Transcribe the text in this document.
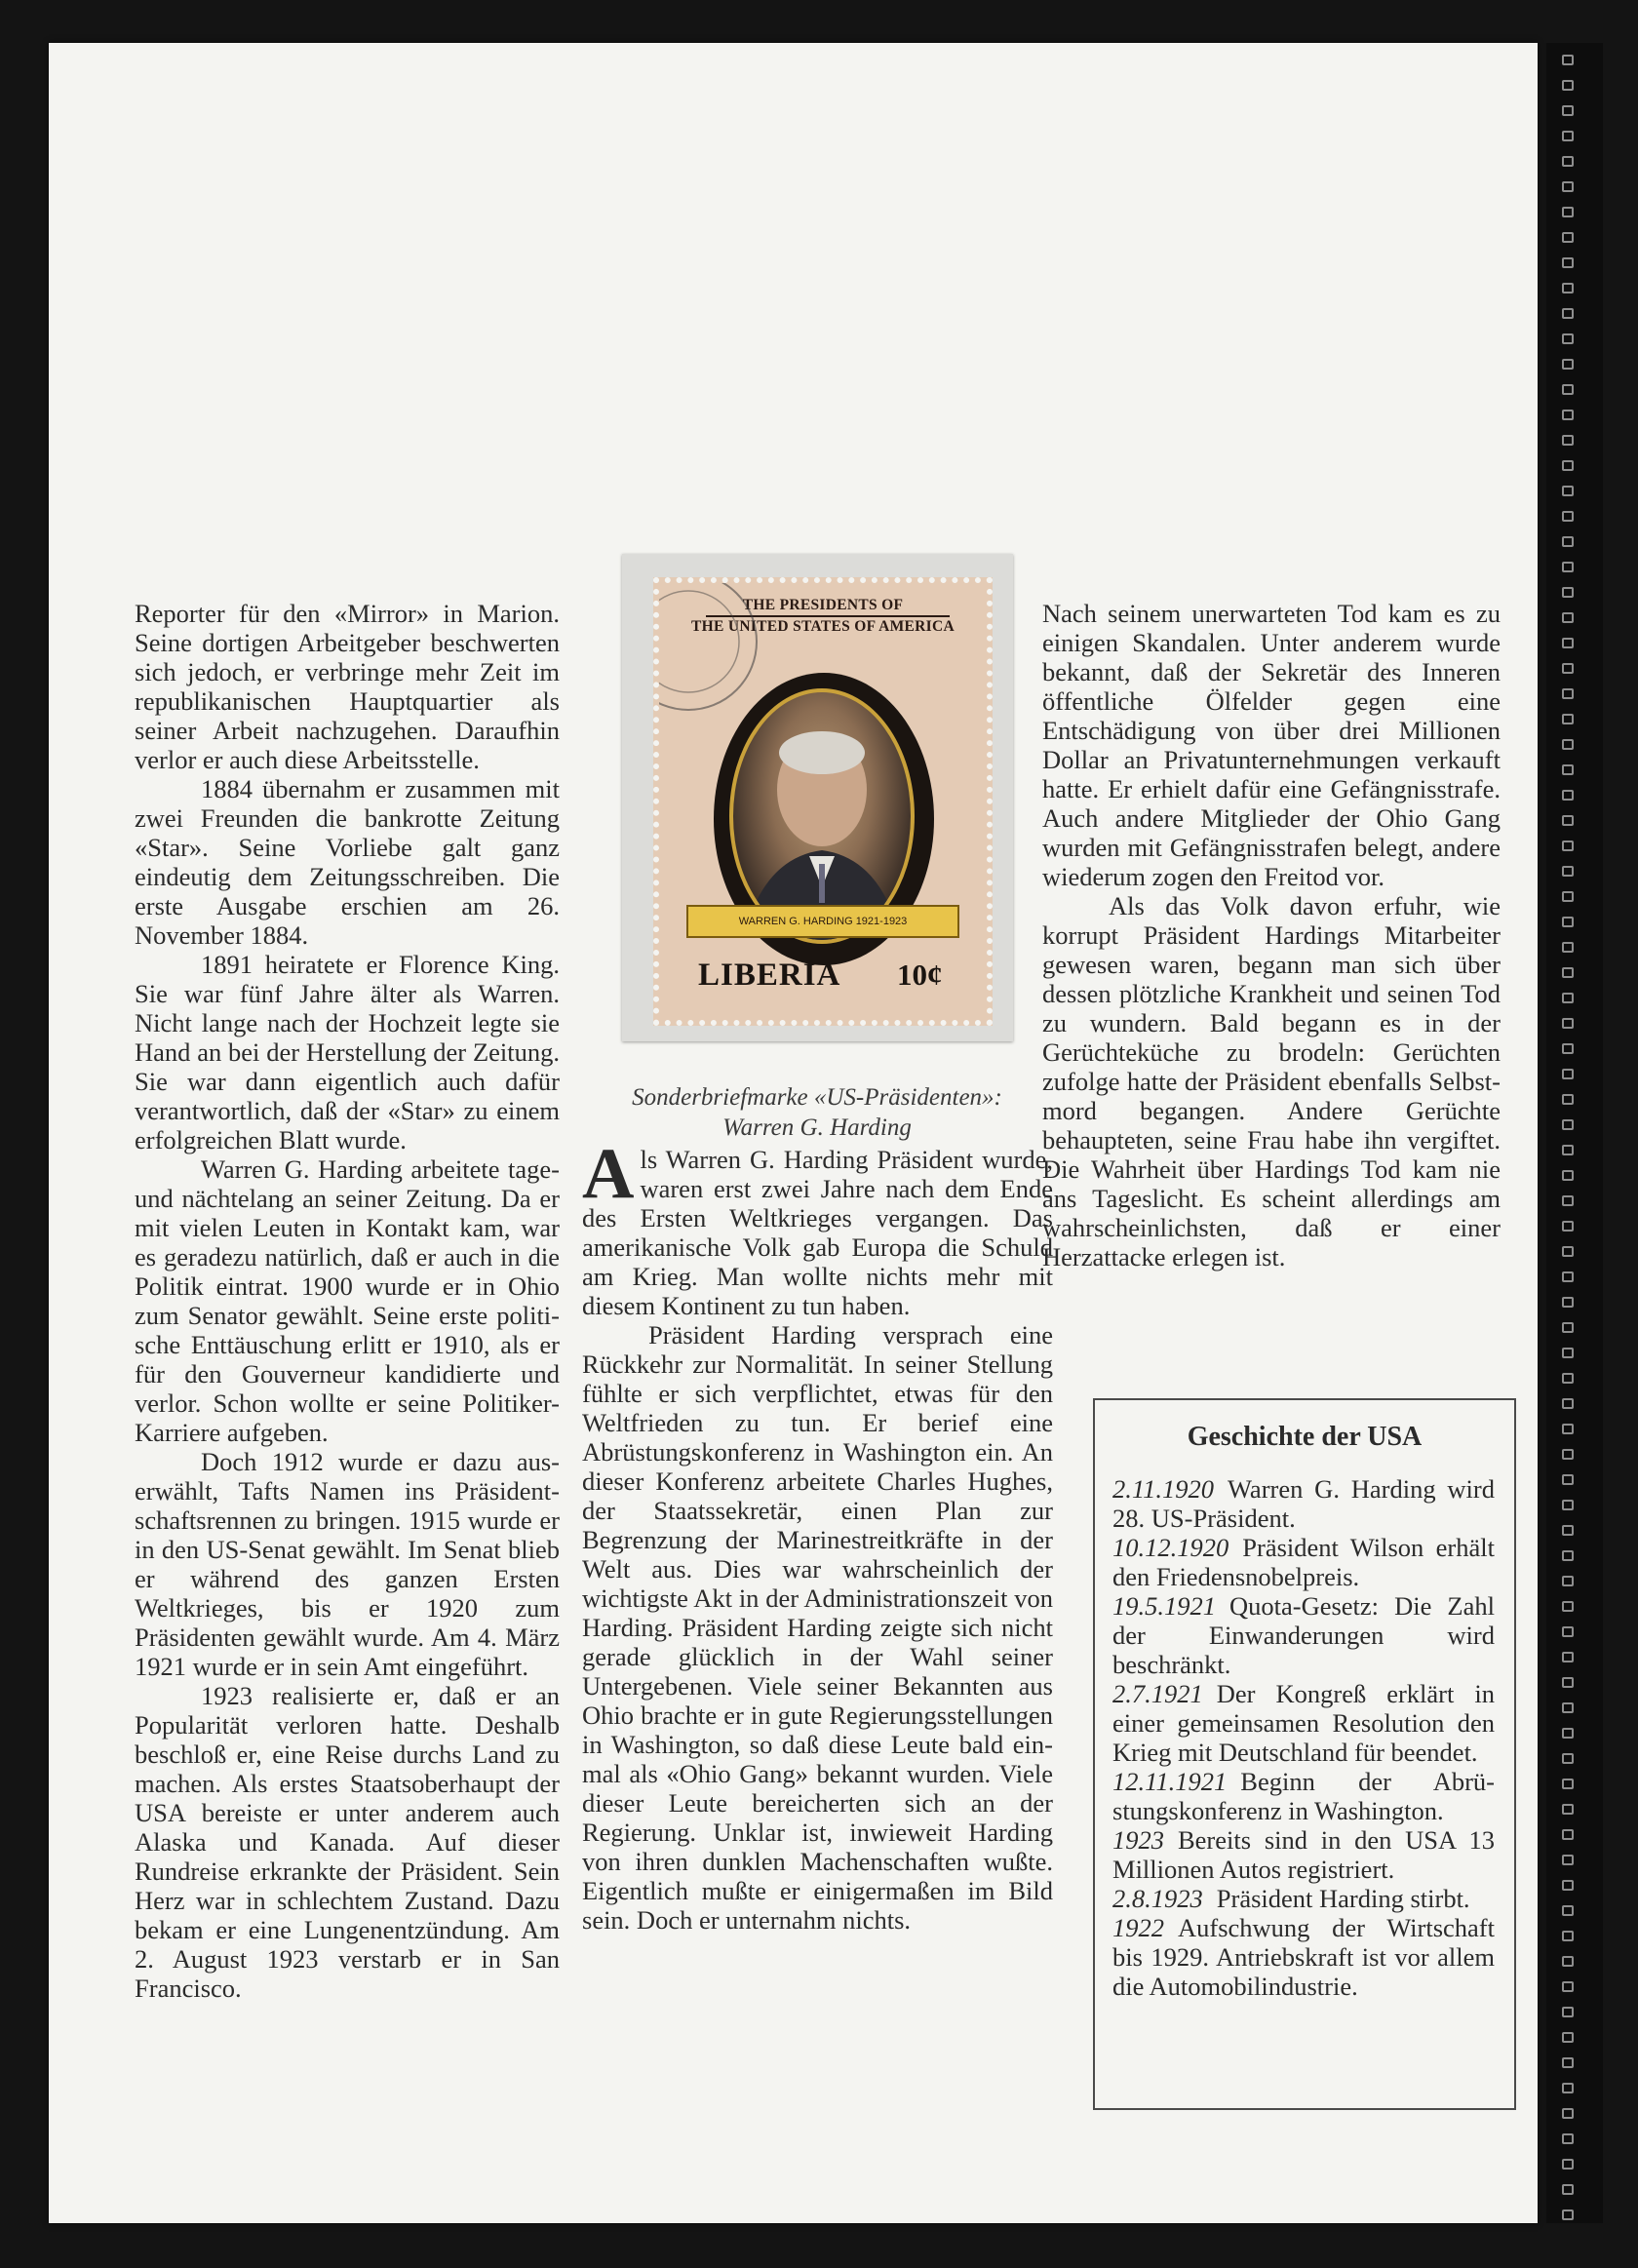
Reporter für den «Mirror» in Marion. Seine dortigen Arbeitgeber beschwerten sich jedoch, er verbringe mehr Zeit im republikanischen Hauptquartier als seiner Arbeit nachzugehen. Daraufhin verlor er auch diese Arbeitsstelle.

1884 übernahm er zusammen mit zwei Freunden die bankrotte Zeitung «Star». Seine Vorliebe galt ganz eindeutig dem Zeitungsschreiben. Die erste Ausgabe erschien am 26. November 1884.

1891 heiratete er Florence King. Sie war fünf Jahre älter als Warren. Nicht lange nach der Hochzeit legte sie Hand an bei der Herstellung der Zeitung. Sie war dann eigentlich auch dafür verantwortlich, daß der «Star» zu einem erfolgreichen Blatt wurde.

Warren G. Harding arbeitete tage- und nächtelang an seiner Zeitung. Da er mit vielen Leuten in Kontakt kam, war es geradezu natürlich, daß er auch in die Politik eintrat. 1900 wurde er in Ohio zum Senator gewählt. Seine erste politische Enttäuschung erlitt er 1910, als er für den Gouverneur kandidierte und verlor. Schon wollte er seine Politiker-Karriere aufgeben.

Doch 1912 wurde er dazu auserwählt, Tafts Namen ins Präsidentschaftsrennen zu bringen. 1915 wurde er in den US-Senat gewählt. Im Senat blieb er während des ganzen Ersten Weltkrieges, bis er 1920 zum Präsidenten gewählt wurde. Am 4. März 1921 wurde er in sein Amt eingeführt.

1923 realisierte er, daß er an Popularität verloren hatte. Deshalb beschloß er, eine Reise durchs Land zu machen. Als erstes Staatsoberhaupt der USA bereiste er unter anderem auch Alaska und Kanada. Auf dieser Rundreise erkrankte der Präsident. Sein Herz war in schlechtem Zustand. Dazu bekam er eine Lungenentzündung. Am 2. August 1923 verstarb er in San Francisco.

THE PRESIDENTS OF
THE UNITED STATES OF AMERICA
WARREN G. HARDING 1921-1923
LIBERIA 10¢
Sonderbriefmarke «US-Präsidenten»:
Warren G. Harding

Als Warren G. Harding Präsident wurde, waren erst zwei Jahre nach dem Ende des Ersten Weltkrieges vergangen. Das amerikanische Volk gab Europa die Schuld am Krieg. Man wollte nichts mehr mit diesem Kontinent zu tun haben.

Präsident Harding versprach eine Rückkehr zur Normalität. In seiner Stellung fühlte er sich verpflichtet, etwas für den Weltfrieden zu tun. Er berief eine Abrüstungskonferenz in Washington ein. An dieser Konferenz arbeitete Charles Hughes, der Staatssekretär, einen Plan zur Begrenzung der Marinestreitkräfte in der Welt aus. Dies war wahrscheinlich der wichtigste Akt in der Administrationszeit von Harding. Präsident Harding zeigte sich nicht gerade glücklich in der Wahl seiner Untergebenen. Viele seiner Bekannten aus Ohio brachte er in gute Regierungsstellungen in Washington, so daß diese Leute bald einmal als «Ohio Gang» bekannt wurden. Viele dieser Leute bereicherten sich an der Regierung. Unklar ist, inwieweit Harding von ihren dunklen Machenschaften wußte. Eigentlich mußte er einigermaßen im Bild sein. Doch er unternahm nichts.

Nach seinem unerwarteten Tod kam es zu einigen Skandalen. Unter anderem wurde bekannt, daß der Sekretär des Inneren öffentliche Ölfelder gegen eine Entschädigung von über drei Millionen Dollar an Privatunternehmungen verkauft hatte. Er erhielt dafür eine Gefängnisstrafe. Auch andere Mitglieder der Ohio Gang wurden mit Gefängnisstrafen belegt, andere wiederum zogen den Freitod vor.

Als das Volk davon erfuhr, wie korrupt Präsident Hardings Mitarbeiter gewesen waren, begann man sich über dessen plötzliche Krankheit und seinen Tod zu wundern. Bald begann es in der Gerüchteküche zu brodeln: Gerüchten zufolge hatte der Präsident ebenfalls Selbstmord begangen. Andere Gerüchte behaupteten, seine Frau habe ihn vergiftet. Die Wahrheit über Hardings Tod kam nie ans Tageslicht. Es scheint allerdings am wahrscheinlichsten, daß er einer Herzattacke erlegen ist.

Geschichte der USA

2.11.1920 Warren G. Harding wird 28. US-Präsident.

10.12.1920 Präsident Wilson erhält den Friedensnobelpreis.

19.5.1921 Quota-Gesetz: Die Zahl der Einwanderungen wird beschränkt.

2.7.1921 Der Kongreß erklärt in einer gemeinsamen Resolution den Krieg mit Deutschland für beendet.

12.11.1921 Beginn der Abrüstungskonferenz in Washington.

1923 Bereits sind in den USA 13 Millionen Autos registriert.

2.8.1923 Präsident Harding stirbt.

1922 Aufschwung der Wirtschaft bis 1929. Antriebskraft ist vor allem die Automobilindustrie.
